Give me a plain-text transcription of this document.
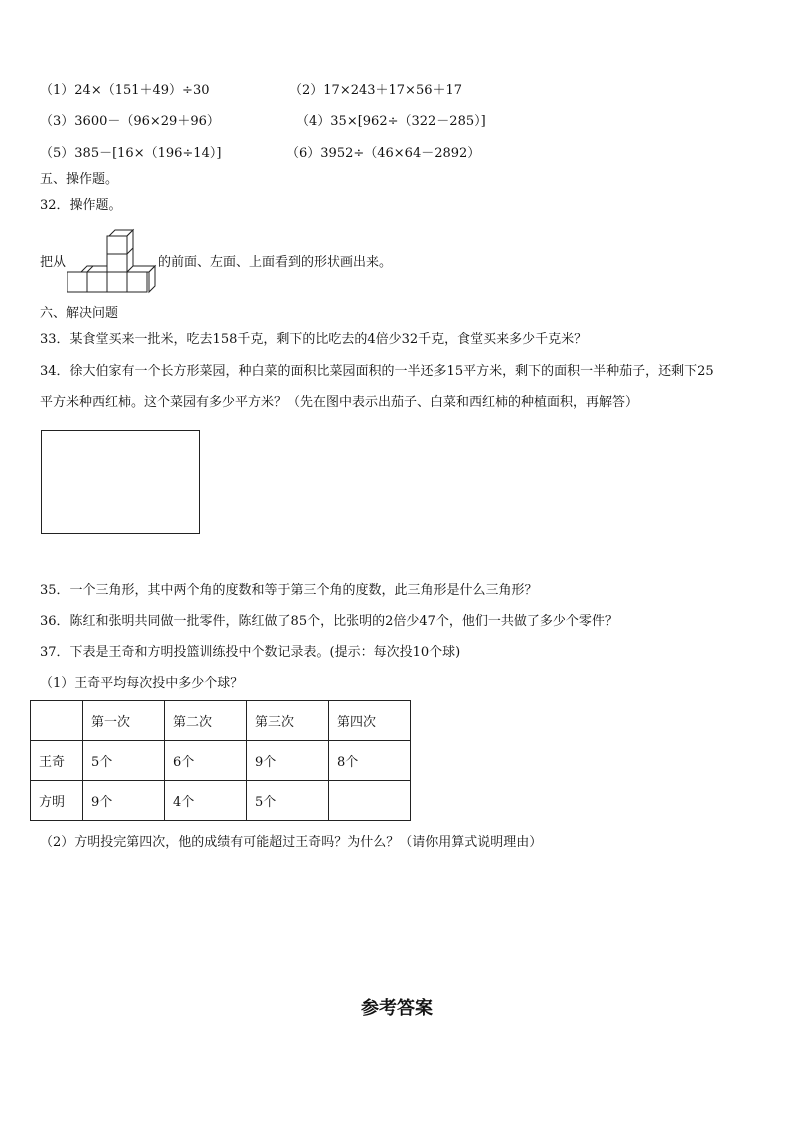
（1）24×（151＋49）÷30	（2）17×243＋17×56＋17
（3）3600－（96×29＋96）	（4）35×[962÷（322－285）]
（5）385－[16×（196÷14）]	（6）3952÷（46×64－2892）
五、操作题。
32．操作题。
把从	的前面、左面、上面看到的形状画出来。
六、解决问题
33．某食堂买来一批米，吃去158千克，剩下的比吃去的4倍少32千克，食堂买来多少千克米？
34．徐大伯家有一个长方形菜园，种白菜的面积比菜园面积的一半还多15平方米，剩下的面积一半种茄子，还剩下25
平方米种西红柿。这个菜园有多少平方米？（先在图中表示出茄子、白菜和西红柿的种植面积，再解答）
35．一个三角形，其中两个角的度数和等于第三个角的度数，此三角形是什么三角形？
36．陈红和张明共同做一批零件，陈红做了85个，比张明的2倍少47个，他们一共做了多少个零件？
37．下表是王奇和方明投篮训练投中个数记录表。(提示：每次投10个球)
（1）王奇平均每次投中多少个球？
	第一次	第二次	第三次	第四次
王奇	5个	6个	9个	8个
方明	9个	4个	5个	
（2）方明投完第四次，他的成绩有可能超过王奇吗？为什么？（请你用算式说明理由）
参考答案
